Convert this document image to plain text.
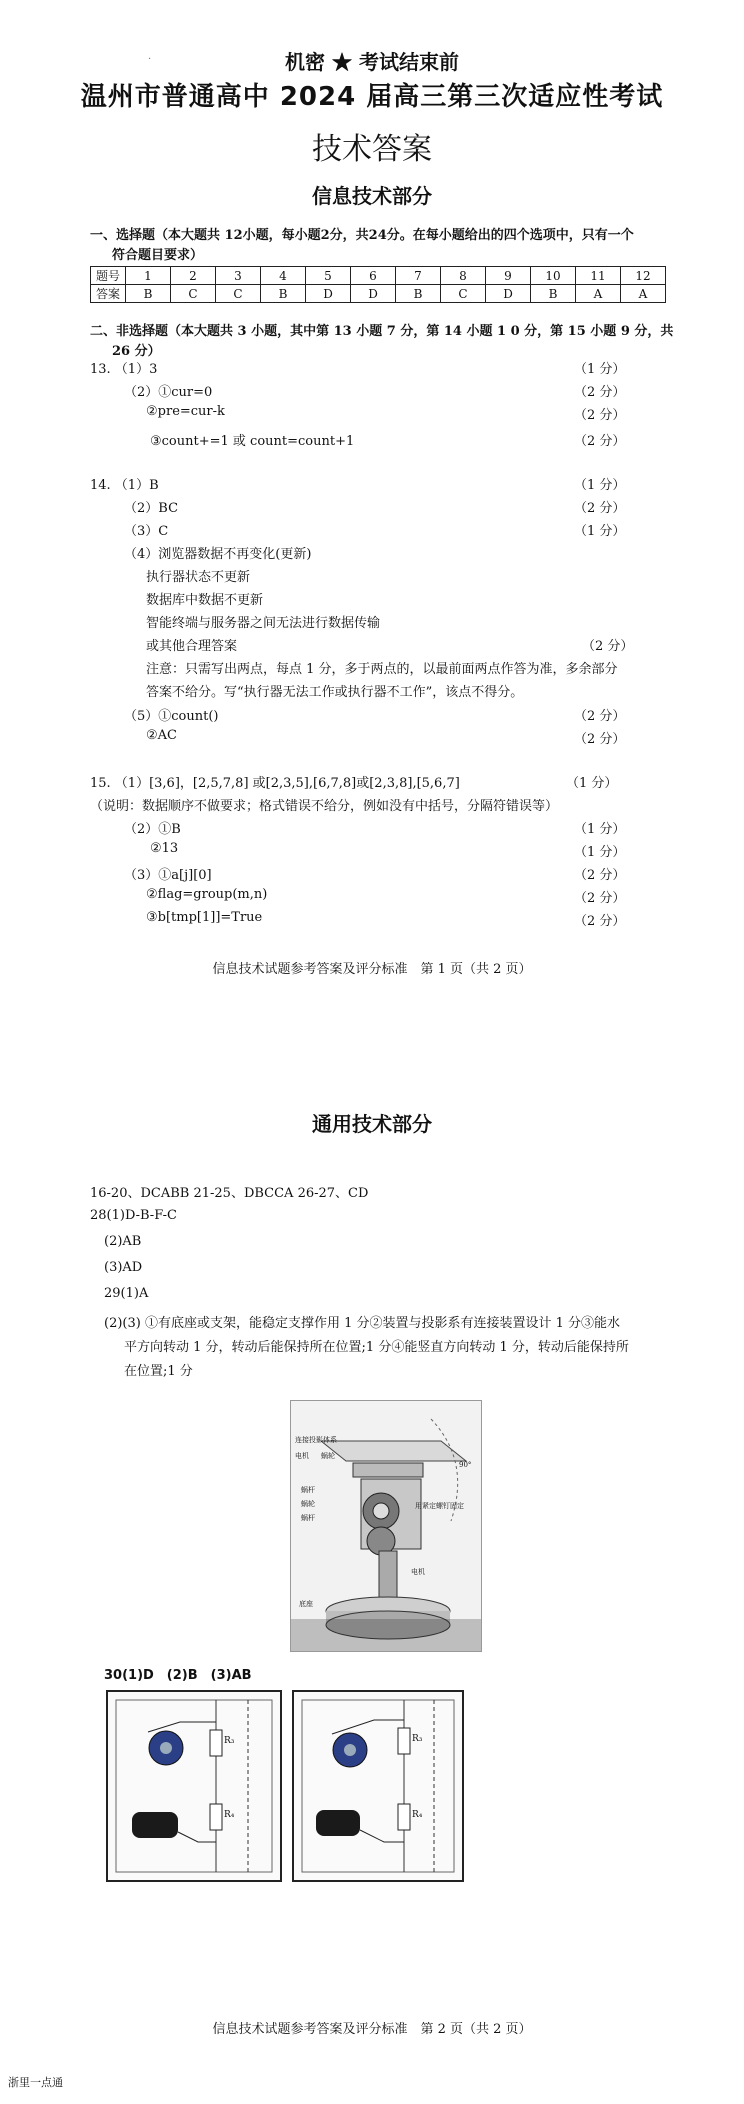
·	机密 ★ 考试结束前
温州市普通高中 2024 届高三第三次适应性考试
技术答案
信息技术部分
一、选择题（本大题共 12小题，每小题2分，共24分。在每小题给出的四个选项中，只有一个
符合题目要求）
题号	1	2	3	4	5	6	7	8	9	10	11	12
答案	B	C	C	B	D	D	B	C	D	B	A	A
二、非选择题（本大题共 3 小题，其中第 13 小题 7 分，第 14 小题 1 0 分，第 15 小题 9 分，共
26 分）
13. （1）3	（1 分）
（2）①cur=0	（2 分）
②pre=cur-k	（2 分）
③count+=1 或 count=count+1	（2 分）
14. （1）B	（1 分）
（2）BC	（2 分）
（3）C	（1 分）
（4）浏览器数据不再变化(更新)
执行器状态不更新
数据库中数据不更新
智能终端与服务器之间无法进行数据传输
或其他合理答案	（2 分）
注意：只需写出两点，每点 1 分，多于两点的，以最前面两点作答为准，多余部分
答案不给分。写“执行器无法工作或执行器不工作”，该点不得分。
（5）①count()	（2 分）
②AC	（2 分）
15. （1）[3,6]，[2,5,7,8] 或[2,3,5],[6,7,8]或[2,3,8],[5,6,7]	（1 分）
（说明：数据顺序不做要求；格式错误不给分，例如没有中括号，分隔符错误等）
（2）①B	（1 分）
②13	（1 分）
（3）①a[j][0]	（2 分）
②flag=group(m,n)	（2 分）
③b[tmp[1]]=True	（2 分）
信息技术试题参考答案及评分标准　第 1 页（共 2 页）
通用技术部分
16-20、DCABB 21-25、DBCCA 26-27、CD
28(1)D-B-F-C
(2)AB
(3)AD
29(1)A
(2)(3) ①有底座或支架，能稳定支撑作用 1 分②装置与投影系有连接装置设计 1 分③能水
平方向转动 1 分，转动后能保持所在位置;1 分④能竖直方向转动 1 分，转动后能保持所
在位置;1 分
连接投影体系
电机 蜗轮
蜗杆
蜗轮
蜗杆
电机
底座
用紧定螺钉固定
90°
30(1)D　(2)B　(3)AB
R₃
R₄
R₃
R₄
信息技术试题参考答案及评分标准　第 2 页（共 2 页）
浙里一点通
